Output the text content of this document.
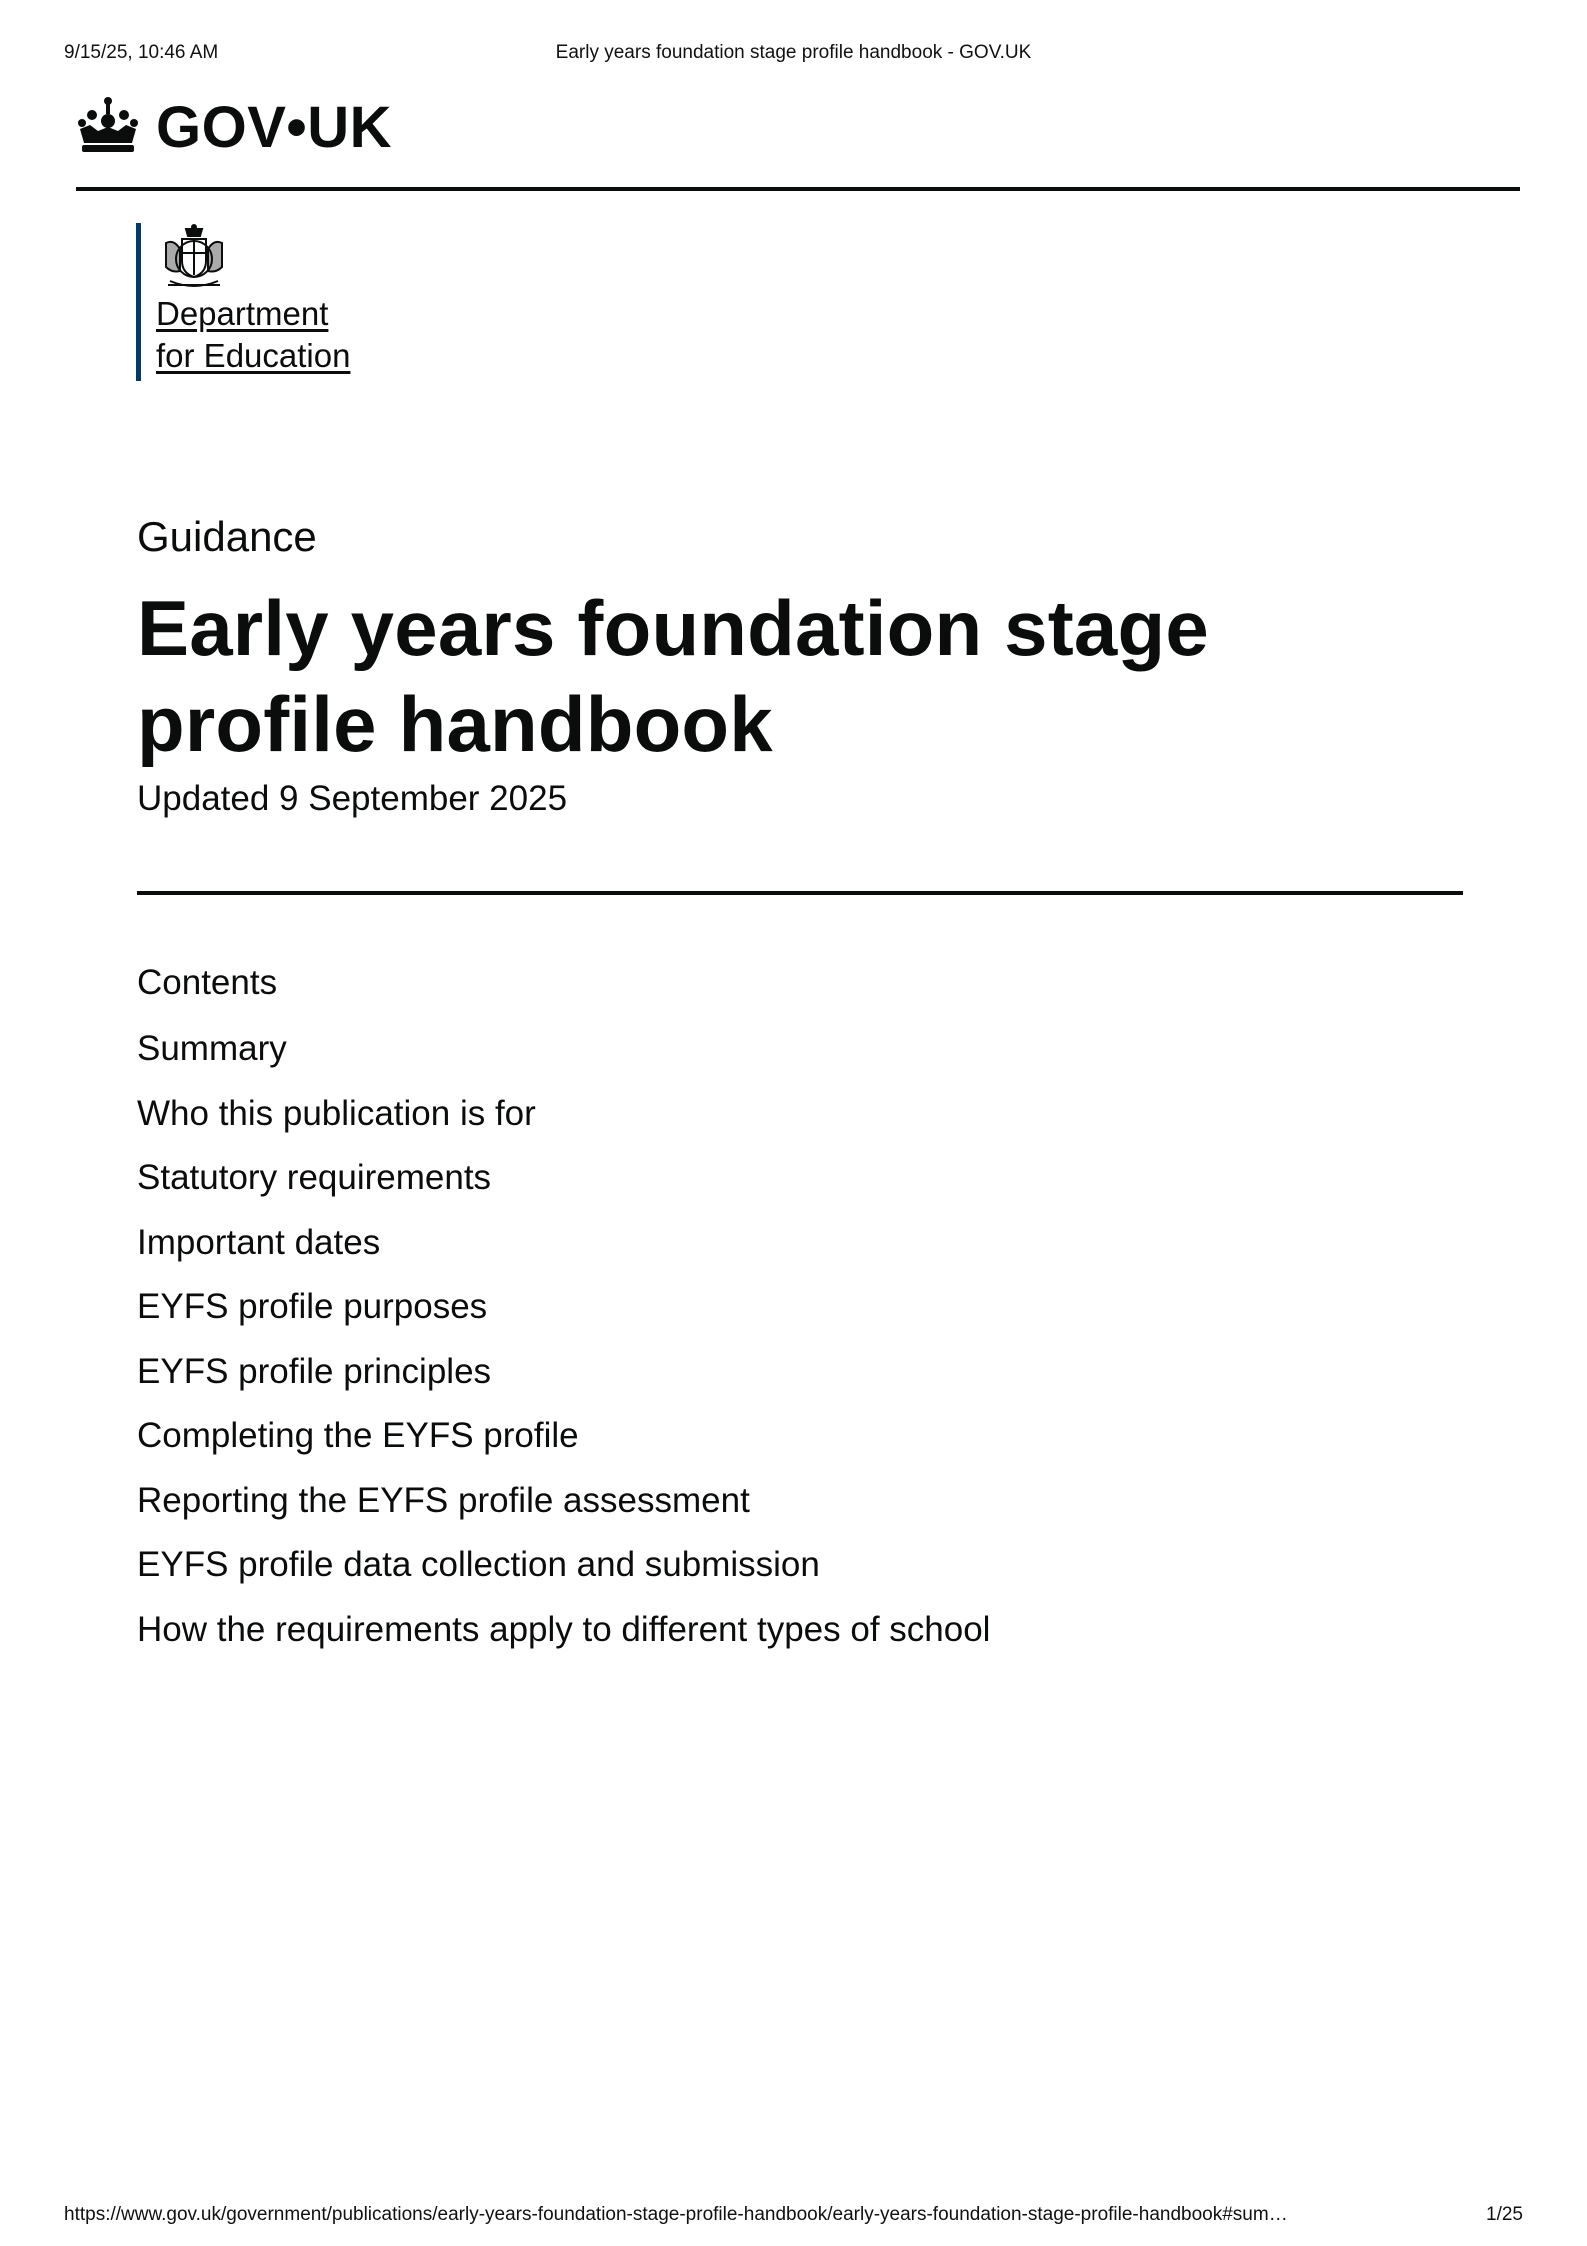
9/15/25, 10:46 AM	Early years foundation stage profile handbook - GOV.UK
GOV•UK
Department
for Education
Guidance
Early years foundation stage
profile handbook
Updated 9 September 2025
Contents
Summary
Who this publication is for
Statutory requirements
Important dates
EYFS profile purposes
EYFS profile principles
Completing the EYFS profile
Reporting the EYFS profile assessment
EYFS profile data collection and submission
How the requirements apply to different types of school
https://www.gov.uk/government/publications/early-years-foundation-stage-profile-handbook/early-years-foundation-stage-profile-handbook#sum…	1/25
